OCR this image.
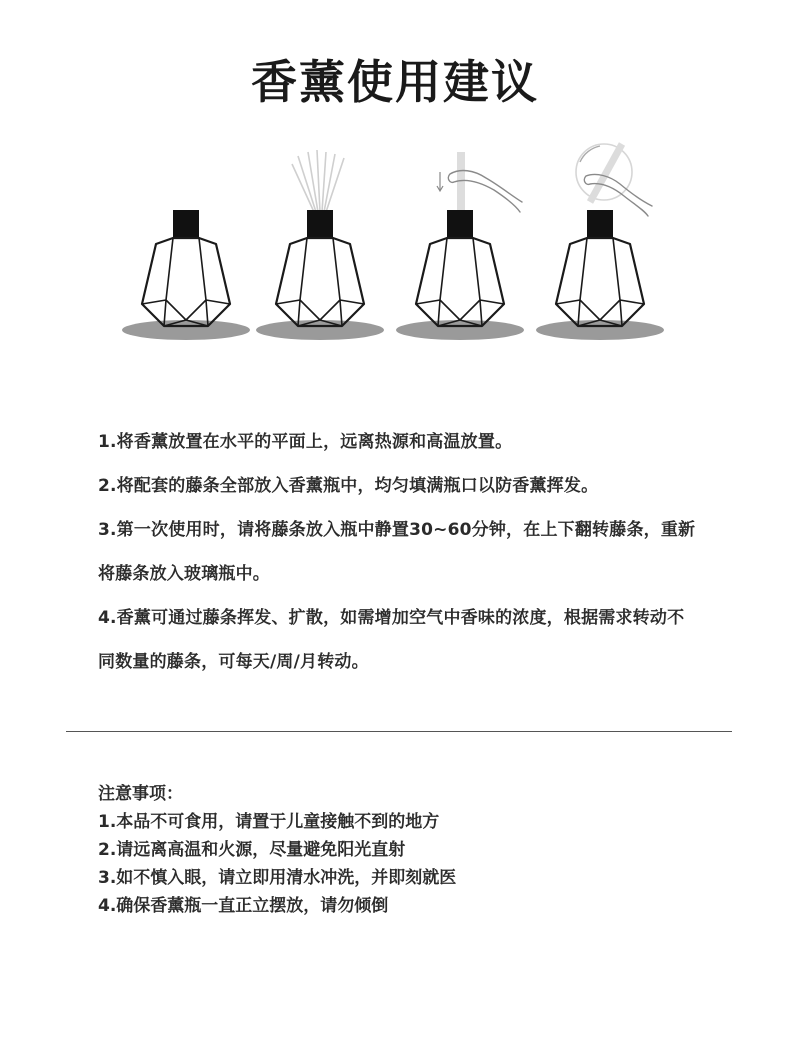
香薰使用建议

1.将香薰放置在水平的平面上，远离热源和高温放置。

2.将配套的藤条全部放入香薰瓶中，均匀填满瓶口以防香薰挥发。

3.第一次使用时，请将藤条放入瓶中静置30~60分钟，在上下翻转藤条，重新

将藤条放入玻璃瓶中。

4.香薰可通过藤条挥发、扩散，如需增加空气中香味的浓度，根据需求转动不

同数量的藤条，可每天/周/月转动。

注意事项：

1.本品不可食用，请置于儿童接触不到的地方

2.请远离高温和火源，尽量避免阳光直射

3.如不慎入眼，请立即用清水冲洗，并即刻就医

4.确保香薰瓶一直正立摆放，请勿倾倒
